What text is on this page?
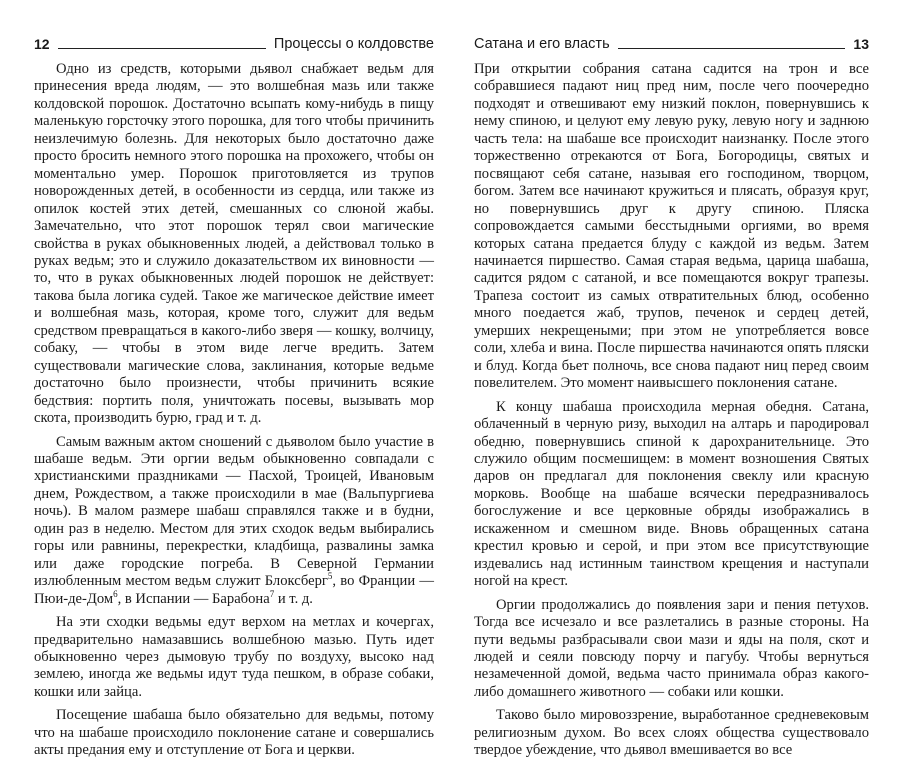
12	Процессы о колдовстве

Одно из средств, которыми дьявол снабжает ведьм для принесения вреда людям, — это волшебная мазь или также колдовской порошок. Достаточно всыпать кому-нибудь в пищу маленькую горсточку этого порошка, для того чтобы причинить неизлечимую болезнь. Для некоторых было достаточно даже просто бросить немного этого порошка на прохожего, чтобы он моментально умер. Порошок приготовляется из трупов новорожденных детей, в особенности из сердца, или также из опилок костей этих детей, смешанных со слюной жабы. Замечательно, что этот порошок терял свои магические свойства в руках обыкновенных людей, а действовал только в руках ведьм; это и служило доказательством их виновности — то, что в руках обыкновенных людей порошок не действует: такова была логика судей. Такое же магическое действие имеет и волшебная мазь, которая, кроме того, служит для ведьм средством превращаться в какого-либо зверя — кошку, волчицу, собаку, — чтобы в этом виде легче вредить. Затем существовали магические слова, заклинания, которые ведьме достаточно было произнести, чтобы причинить всякие бедствия: портить поля, уничтожать посевы, вызывать мор скота, производить бурю, град и т. д.

Самым важным актом сношений с дьяволом было участие в шабаше ведьм. Эти оргии ведьм обыкновенно совпадали с христианскими праздниками — Пасхой, Троицей, Ивановым днем, Рождеством, а также происходили в мае (Вальпургиева ночь). В малом размере шабаш справлялся также и в будни, один раз в неделю. Местом для этих сходок ведьм выбирались горы или равнины, перекрестки, кладбища, развалины замка или даже городские погреба. В Северной Германии излюбленным местом ведьм служит Блоксберг$^5$, во Франции — Пюи-де-Дом$^6$, в Испании — Барабона$^7$ и т. д.

На эти сходки ведьмы едут верхом на метлах и кочергах, предварительно намазавшись волшебною мазью. Путь идет обыкновенно через дымовую трубу по воздуху, высоко над землею, иногда же ведьмы идут туда пешком, в образе собаки, кошки или зайца.

Посещение шабаша было обязательно для ведьмы, потому что на шабаше происходило поклонение сатане и совершались акты предания ему и отступление от Бога и церкви.

Сатана и его власть	13

При открытии собрания сатана садится на трон и все собравшиеся падают ниц пред ним, после чего поочередно подходят и отвешивают ему низкий поклон, повернувшись к нему спиною, и целуют ему левую руку, левую ногу и заднюю часть тела: на шабаше все происходит наизнанку. После этого торжественно отрекаются от Бога, Богородицы, святых и посвящают себя сатане, называя его господином, творцом, богом. Затем все начинают кружиться и плясать, образуя круг, но повернувшись друг к другу спиною. Пляска сопровождается самыми бесстыдными оргиями, во время которых сатана предается блуду с каждой из ведьм. Затем начинается пиршество. Самая старая ведьма, царица шабаша, садится рядом с сатаной, и все помещаются вокруг трапезы. Трапеза состоит из самых отвратительных блюд, особенно много поедается жаб, трупов, печенок и сердец детей, умерших некрещеными; при этом не употребляется вовсе соли, хлеба и вина. После пиршества начинаются опять пляски и блуд. Когда бьет полночь, все снова падают ниц перед своим повелителем. Это момент наивысшего поклонения сатане.

К концу шабаша происходила мерная обедня. Сатана, облаченный в черную ризу, выходил на алтарь и пародировал обедню, повернувшись спиной к дарохранительнице. Это служило общим посмешищем: в момент возношения Святых даров он предлагал для поклонения свеклу или красную морковь. Вообще на шабаше всячески передразнивалось богослужение и все церковные обряды изображались в искаженном и смешном виде. Вновь обращенных сатана крестил кровью и серой, и при этом все присутствующие издевались над истинным таинством крещения и наступали ногой на крест.

Оргии продолжались до появления зари и пения петухов. Тогда все исчезало и все разлетались в разные стороны. На пути ведьмы разбрасывали свои мази и яды на поля, скот и людей и сеяли повсюду порчу и пагубу. Чтобы вернуться незамеченной домой, ведьма часто принимала образ какого-либо домашнего животного — собаки или кошки.

Таково было мировоззрение, выработанное средневековым религиозным духом. Во всех слоях общества существовало твердое убеждение, что дьявол вмешивается во все
